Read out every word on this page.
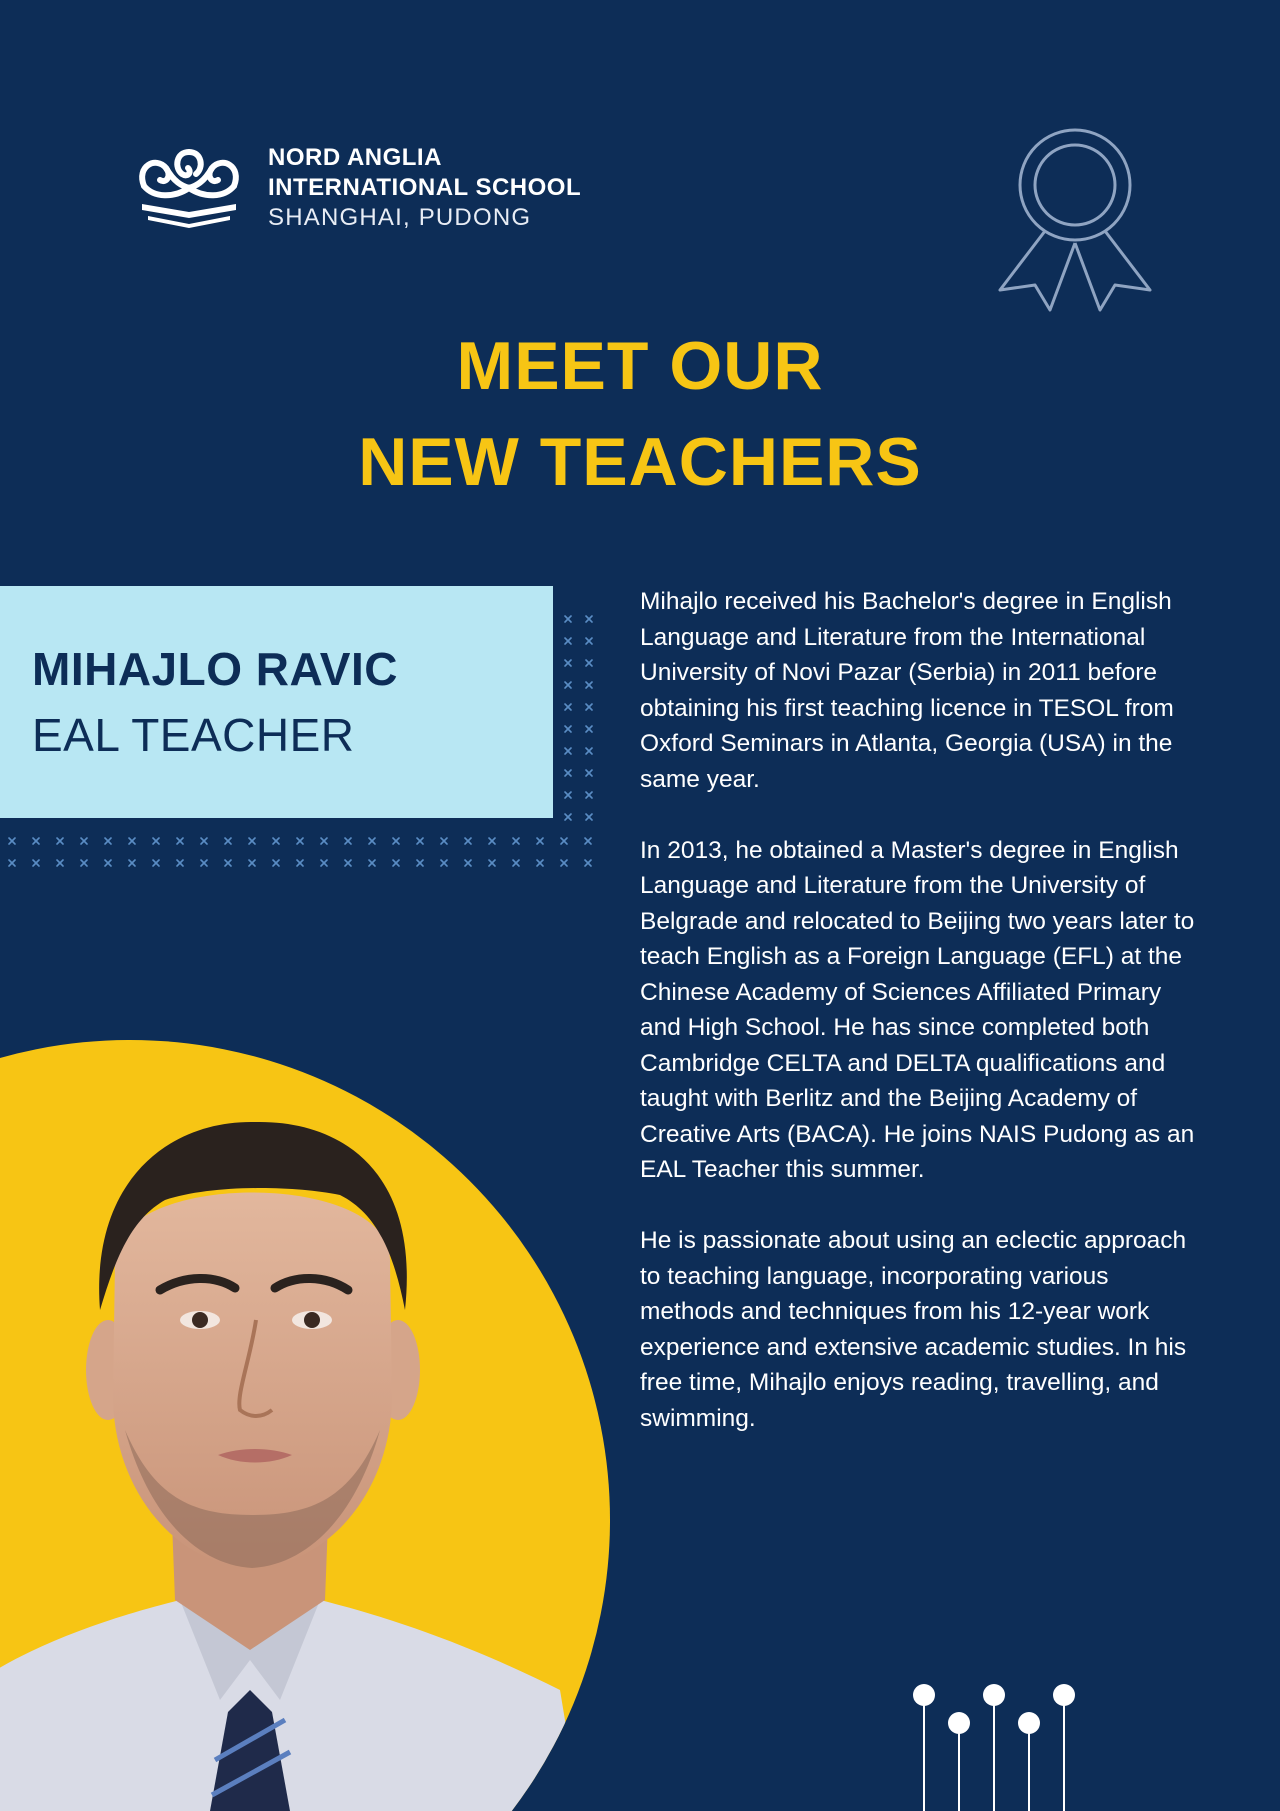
NORD ANGLIA
INTERNATIONAL SCHOOL
SHANGHAI, PUDONG
MEET OUR
NEW TEACHERS
MIHAJLO RAVIC
EAL TEACHER

Mihajlo received his Bachelor's degree in English Language and Literature from the International University of Novi Pazar (Serbia) in 2011 before obtaining his first teaching licence in TESOL from Oxford Seminars in Atlanta, Georgia (USA) in the same year.

In 2013, he obtained a Master's degree in English Language and Literature from the University of Belgrade and relocated to Beijing two years later to teach English as a Foreign Language (EFL) at the Chinese Academy of Sciences Affiliated Primary and High School. He has since completed both Cambridge CELTA and DELTA qualifications and taught with Berlitz and the Beijing Academy of Creative Arts (BACA). He joins NAIS Pudong as an EAL Teacher this summer.

He is passionate about using an eclectic approach to teaching language, incorporating various methods and techniques from his 12-year work experience and extensive academic studies. In his free time, Mihajlo enjoys reading, travelling, and swimming.
